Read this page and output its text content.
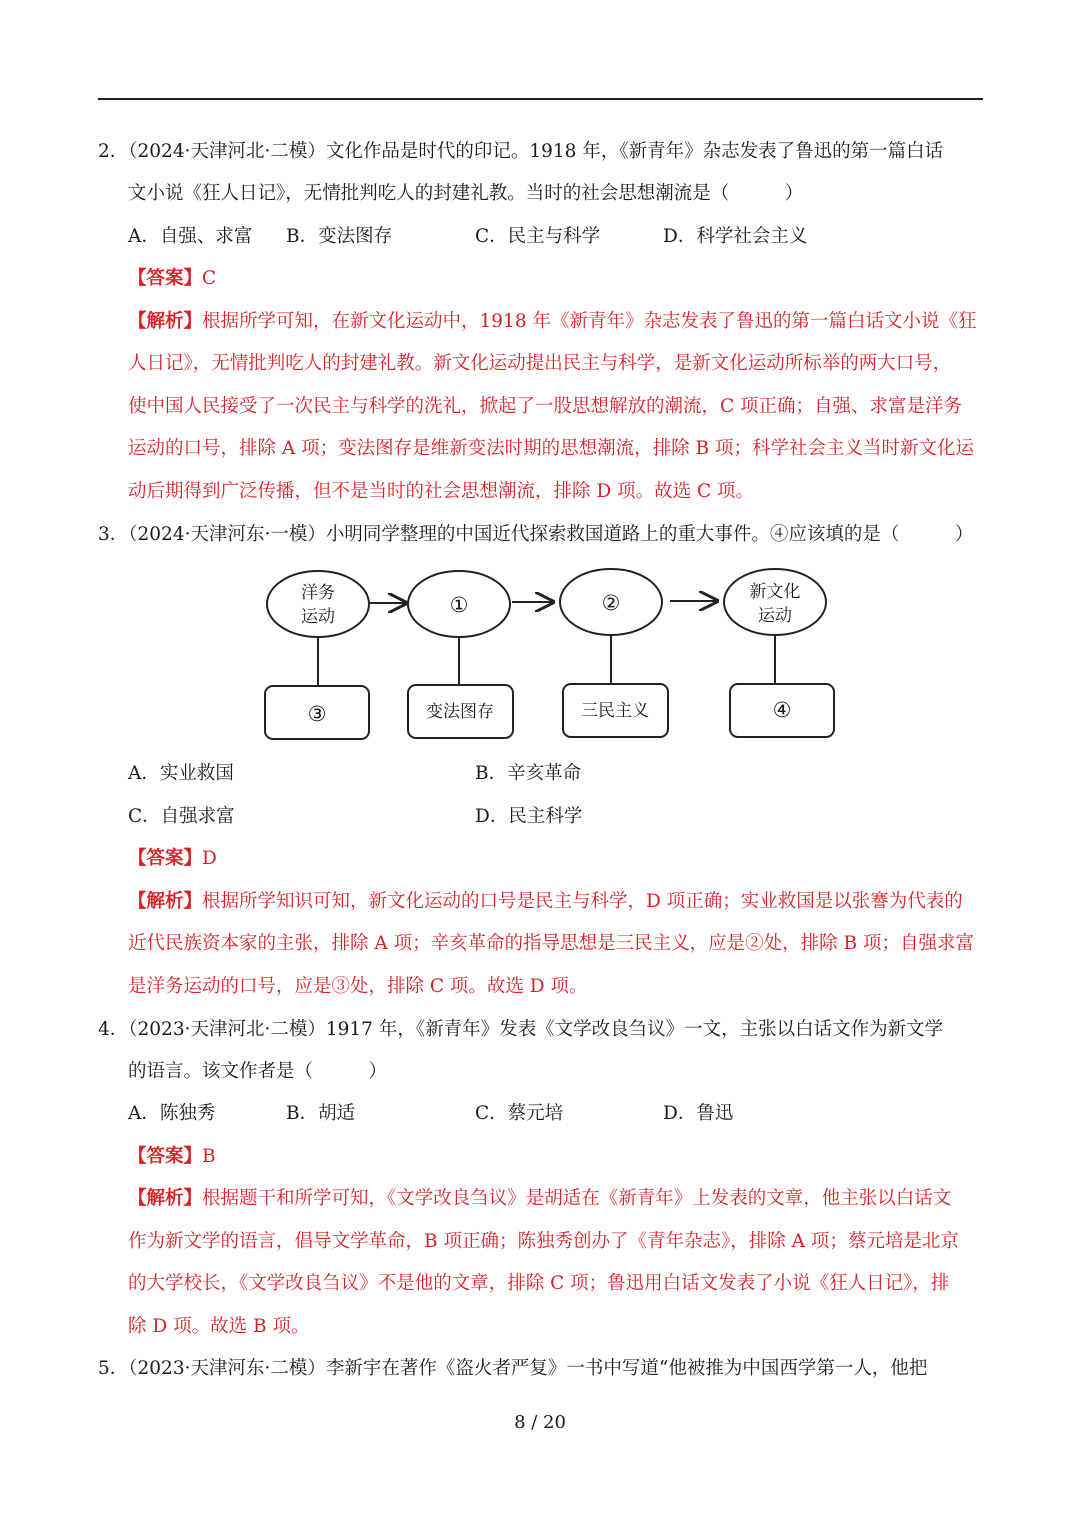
2．（2024·天津河北·二模）文化作品是时代的印记。1918 年，《新青年》杂志发表了鲁迅的第一篇白话
文小说《狂人日记》，无情批判吃人的封建礼教。当时的社会思想潮流是（　　　）
A．自强、求富 B．变法图存	C．民主与科学	D．科学社会主义
【答案】C
【解析】根据所学可知，在新文化运动中，1918 年《新青年》杂志发表了鲁迅的第一篇白话文小说《狂
人日记》，无情批判吃人的封建礼教。新文化运动提出民主与科学，是新文化运动所标举的两大口号，
使中国人民接受了一次民主与科学的洗礼，掀起了一股思想解放的潮流，C 项正确；自强、求富是洋务
运动的口号，排除 A 项；变法图存是维新变法时期的思想潮流，排除 B 项；科学社会主义当时新文化运
动后期得到广泛传播，但不是当时的社会思想潮流，排除 D 项。故选 C 项。
3．（2024·天津河东·一模）小明同学整理的中国近代探索救国道路上的重大事件。④应该填的是（　　　）
洋务
运动	①	②	新文化
运动
③	变法图存	三民主义	④
A．实业救国	B．辛亥革命
C．自强求富	D．民主科学
【答案】D
【解析】根据所学知识可知，新文化运动的口号是民主与科学，D 项正确；实业救国是以张謇为代表的
近代民族资本家的主张，排除 A 项；辛亥革命的指导思想是三民主义，应是②处，排除 B 项；自强求富
是洋务运动的口号，应是③处，排除 C 项。故选 D 项。
4．（2023·天津河北·二模）1917 年，《新青年》发表《文学改良刍议》一文，主张以白话文作为新文学
的语言。该文作者是（　　　）
A．陈独秀	B．胡适	C．蔡元培	D．鲁迅
【答案】B
【解析】根据题干和所学可知，《文学改良刍议》是胡适在《新青年》上发表的文章，他主张以白话文
作为新文学的语言，倡导文学革命，B 项正确；陈独秀创办了《青年杂志》，排除 A 项；蔡元培是北京
的大学校长，《文学改良刍议》不是他的文章，排除 C 项；鲁迅用白话文发表了小说《狂人日记》，排
除 D 项。故选 B 项。
5．（2023·天津河东·二模）李新宇在著作《盗火者严复》一书中写道“他被推为中国西学第一人，他把
8 / 20
